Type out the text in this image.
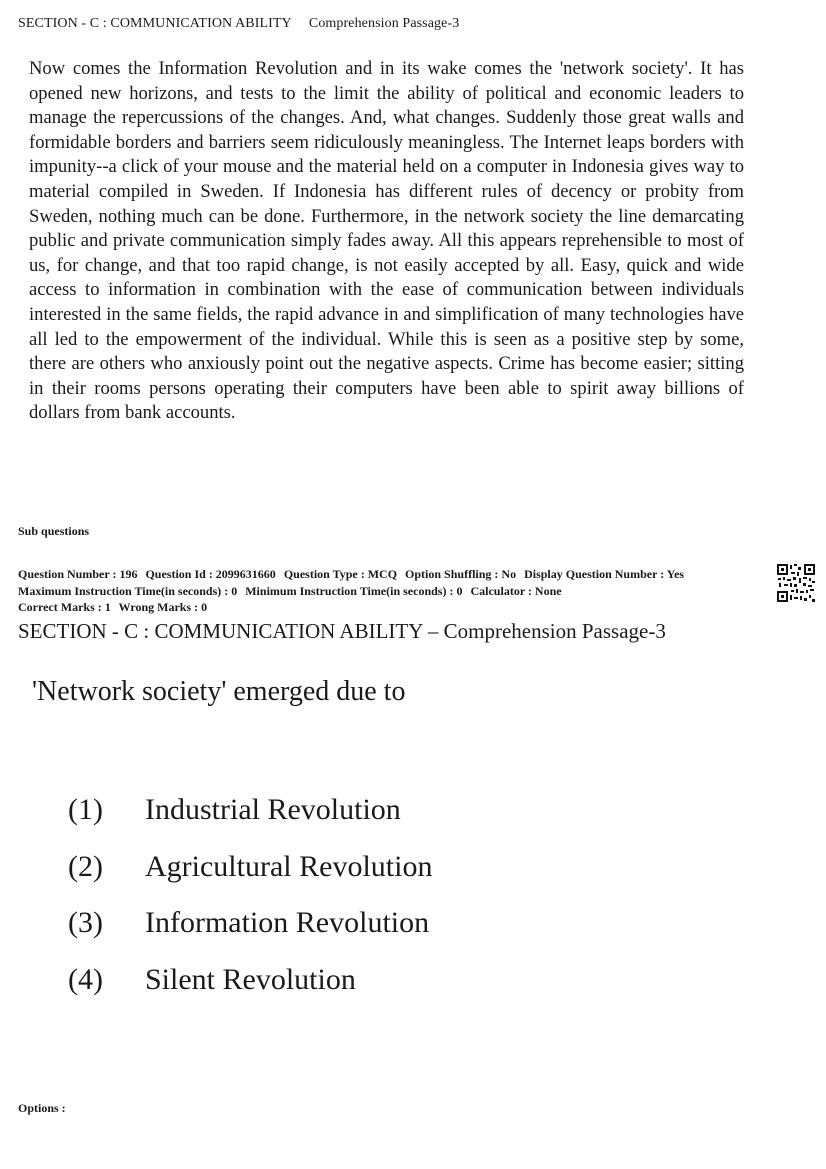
SECTION - C : COMMUNICATION ABILITY Comprehension Passage-3

Now comes the Information Revolution and in its wake comes the 'network society'. It has opened new horizons, and tests to the limit the ability of political and economic leaders to manage the repercussions of the changes. And, what changes. Suddenly those great walls and formidable borders and barriers seem ridiculously meaningless. The Internet leaps borders with impunity--a click of your mouse and the material held on a computer in Indonesia gives way to material compiled in Sweden. If Indonesia has different rules of decency or probity from Sweden, nothing much can be done. Furthermore, in the network society the line demarcating public and private communication simply fades away. All this appears reprehensible to most of us, for change, and that too rapid change, is not easily accepted by all. Easy, quick and wide access to information in combination with the ease of communication between individuals interested in the same fields, the rapid advance in and simplification of many technologies have all led to the empowerment of the individual. While this is seen as a positive step by some, there are others who anxiously point out the negative aspects. Crime has become easier; sitting in their rooms persons operating their computers have been able to spirit away billions of dollars from bank accounts.

Sub questions
Question Number : 196 Question Id : 2099631660 Question Type : MCQ Option Shuffling : No Display Question Number : Yes
Maximum Instruction Time(in seconds) : 0 Minimum Instruction Time(in seconds) : 0 Calculator : None
Correct Marks : 1 Wrong Marks : 0
SECTION - C : COMMUNICATION ABILITY – Comprehension Passage-3
'Network society' emerged due to
(1) Industrial Revolution
(2) Agricultural Revolution
(3) Information Revolution
(4) Silent Revolution
Options :
